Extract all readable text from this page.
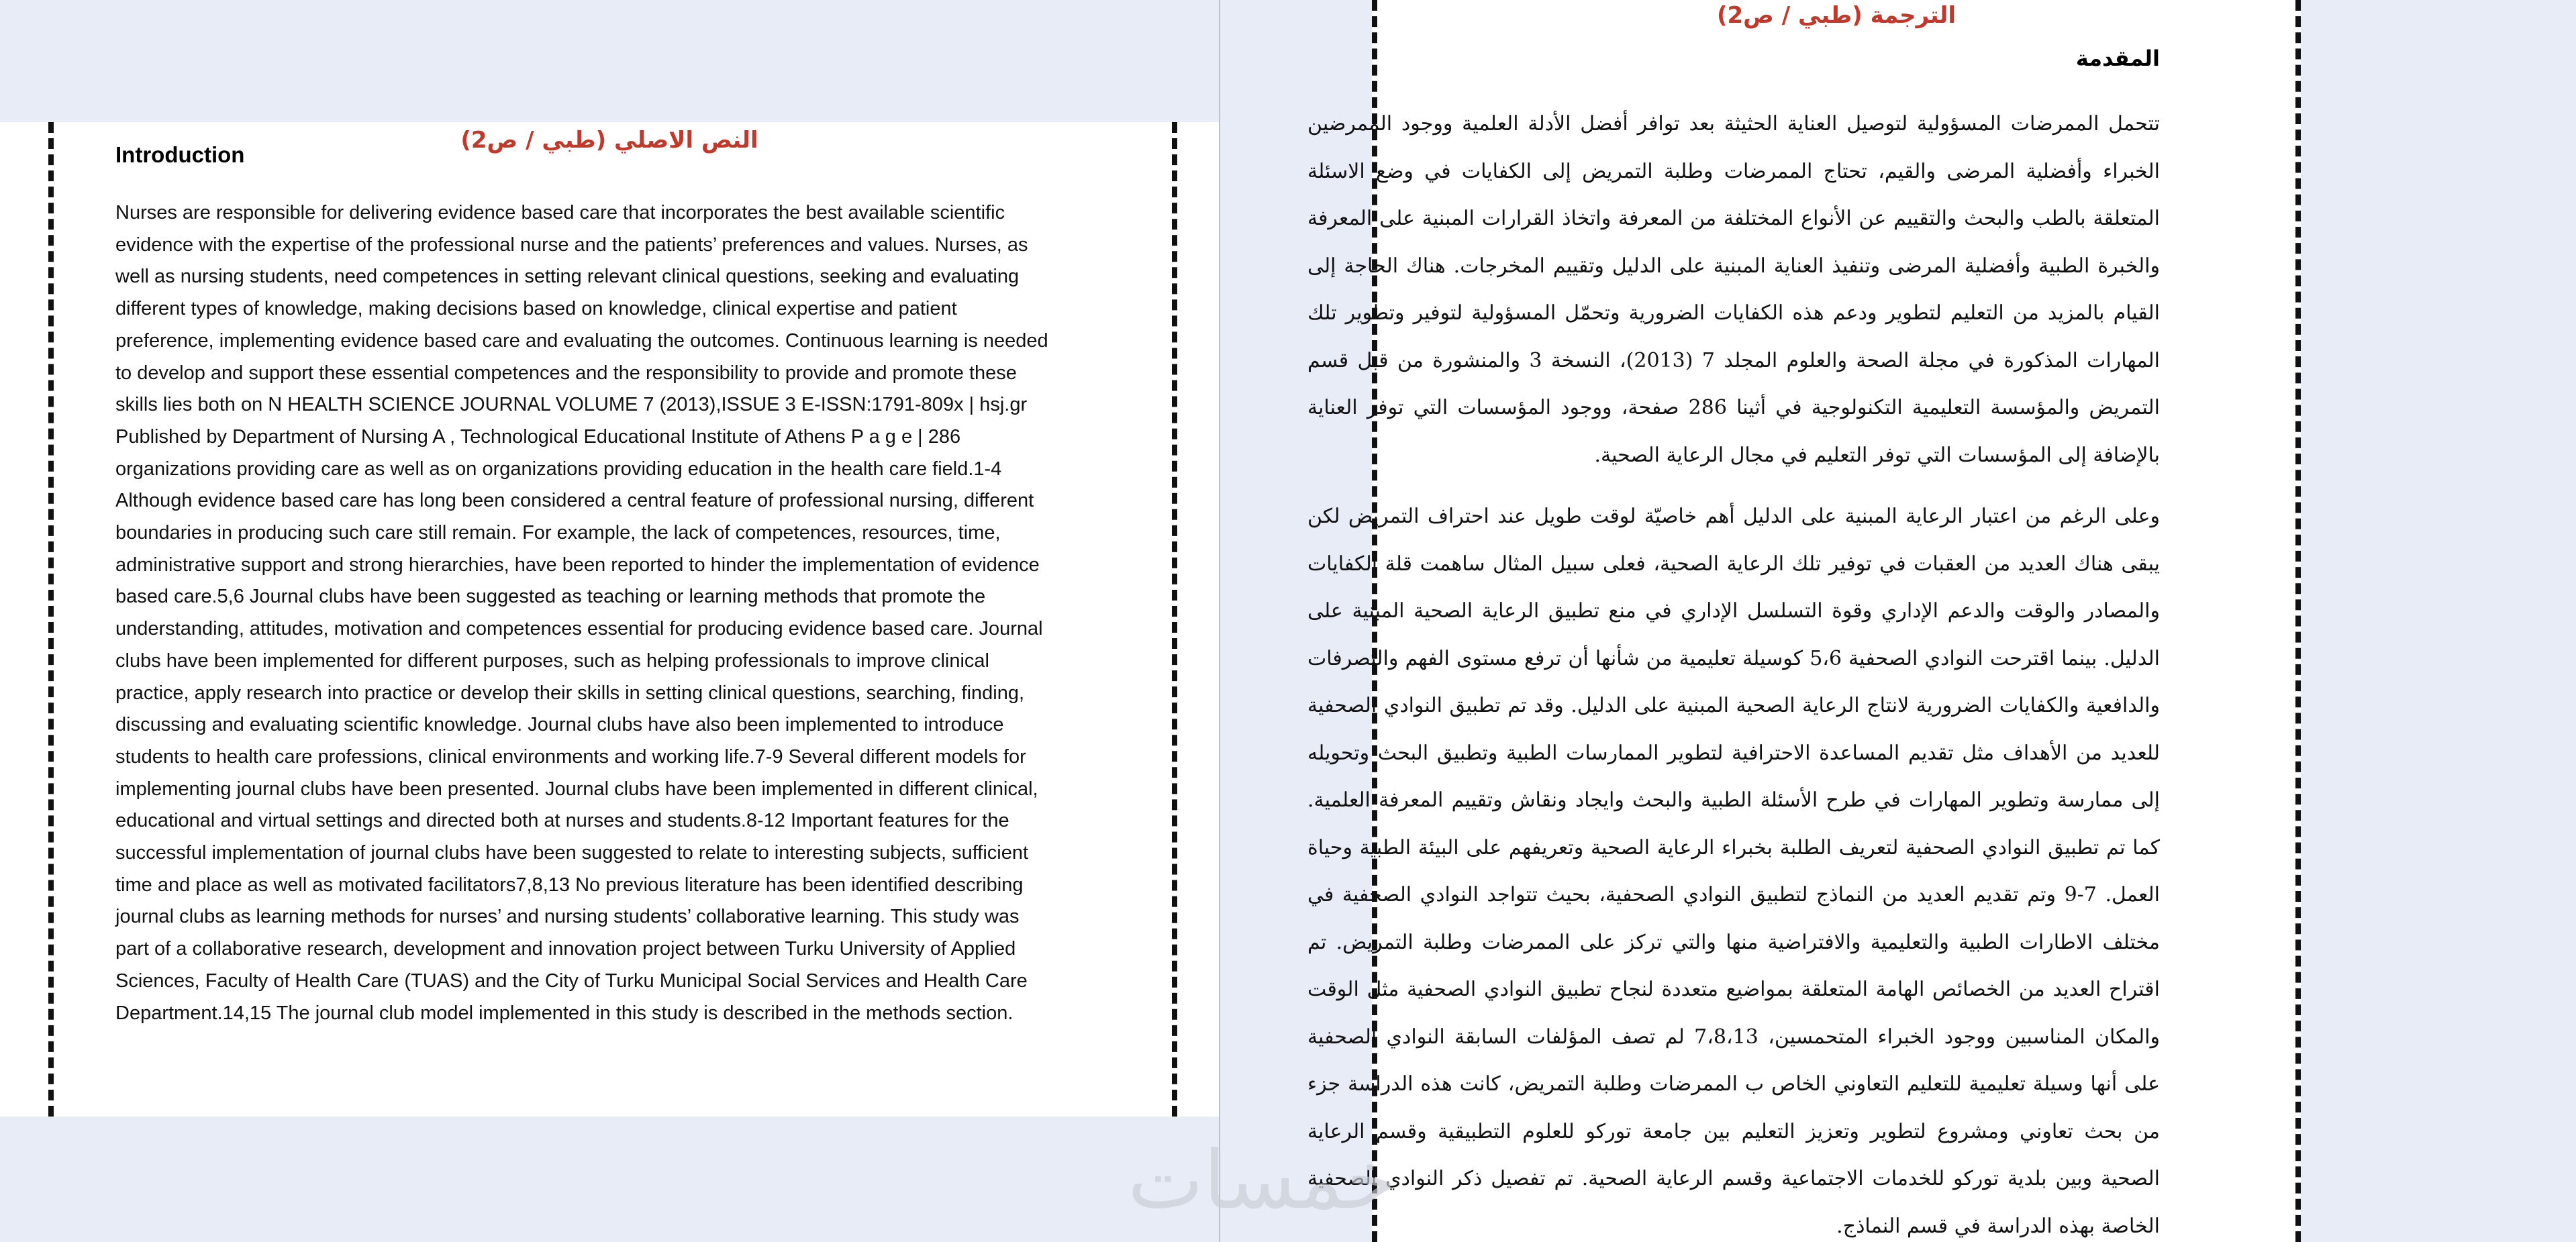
النص الاصلي (طبي / ص2)
Introduction

Nurses are responsible for delivering evidence based care that incorporates the best available scientific evidence with the expertise of the professional nurse and the patients’ preferences and values. Nurses, as well as nursing students, need competences in setting relevant clinical questions, seeking and evaluating different types of knowledge, making decisions based on knowledge, clinical expertise and patient preference, implementing evidence based care and evaluating the outcomes. Continuous learning is needed to develop and support these essential competences and the responsibility to provide and promote these skills lies both on N HEALTH SCIENCE JOURNAL VOLUME 7 (2013),ISSUE 3 E-ISSN:1791-809x | hsj.gr Published by Department of Nursing A , Technological Educational Institute of Athens P a g e | 286 organizations providing care as well as on organizations providing education in the health care field.1-4 Although evidence based care has long been considered a central feature of professional nursing, different boundaries in producing such care still remain. For example, the lack of competences, resources, time, administrative support and strong hierarchies, have been reported to hinder the implementation of evidence based care.5,6 Journal clubs have been suggested as teaching or learning methods that promote the understanding, attitudes, motivation and competences essential for producing evidence based care. Journal clubs have been implemented for different purposes, such as helping professionals to improve clinical practice, apply research into practice or develop their skills in setting clinical questions, searching, finding, discussing and evaluating scientific knowledge. Journal clubs have also been implemented to introduce students to health care professions, clinical environments and working life.7-9 Several different models for implementing journal clubs have been presented. Journal clubs have been implemented in different clinical, educational and virtual settings and directed both at nurses and students.8-12 Important features for the successful implementation of journal clubs have been suggested to relate to interesting subjects, sufficient time and place as well as motivated facilitators7,8,13 No previous literature has been identified describing journal clubs as learning methods for nurses’ and nursing students’ collaborative learning. This study was part of a collaborative research, development and innovation project between Turku University of Applied Sciences, Faculty of Health Care (TUAS) and the City of Turku Municipal Social Services and Health Care Department.14,15 The journal club model implemented in this study is described in the methods section.

الترجمة (طبي / ص2)
المقدمة

تتحمل الممرضات المسؤولية لتوصيل العناية الحثيثة بعد توافر أفضل الأدلة العلمية ووجود الممرضين الخبراء وأفضلية المرضى والقيم، تحتاج الممرضات وطلبة التمريض إلى الكفايات في وضع الاسئلة المتعلقة بالطب والبحث والتقييم عن الأنواع المختلفة من المعرفة واتخاذ القرارات المبنية على المعرفة والخبرة الطبية وأفضلية المرضى وتنفيذ العناية المبنية على الدليل وتقييم المخرجات. هناك الحاجة إلى القيام بالمزيد من التعليم لتطوير ودعم هذه الكفايات الضرورية وتحمّل المسؤولية لتوفير وتطوير تلك المهارات المذكورة في مجلة الصحة والعلوم المجلد 7 (2013)، النسخة 3 والمنشورة من قبل قسم التمريض والمؤسسة التعليمية التكنولوجية في أثينا 286 صفحة، ووجود المؤسسات التي توفر العناية بالإضافة إلى المؤسسات التي توفر التعليم في مجال الرعاية الصحية.

وعلى الرغم من اعتبار الرعاية المبنية على الدليل أهم خاصيّة لوقت طويل عند احتراف التمريض لكن يبقى هناك العديد من العقبات في توفير تلك الرعاية الصحية، فعلى سبيل المثال ساهمت قلة الكفايات والمصادر والوقت والدعم الإداري وقوة التسلسل الإداري في منع تطبيق الرعاية الصحية المبنية على الدليل. بينما اقترحت النوادي الصحفية 5،6 كوسيلة تعليمية من شأنها أن ترفع مستوى الفهم والتصرفات والدافعية والكفايات الضرورية لانتاج الرعاية الصحية المبنية على الدليل. وقد تم تطبيق النوادي الصحفية للعديد من الأهداف مثل تقديم المساعدة الاحترافية لتطوير الممارسات الطبية وتطبيق البحث وتحويله إلى ممارسة وتطوير المهارات في طرح الأسئلة الطبية والبحث وايجاد ونقاش وتقييم المعرفة العلمية. كما تم تطبيق النوادي الصحفية لتعريف الطلبة بخبراء الرعاية الصحية وتعريفهم على البيئة الطبية وحياة العمل. 7-9 وتم تقديم العديد من النماذج لتطبيق النوادي الصحفية، بحيث تتواجد النوادي الصحفية في مختلف الاطارات الطبية والتعليمية والافتراضية منها والتي تركز على الممرضات وطلبة التمريض. تم اقتراح العديد من الخصائص الهامة المتعلقة بمواضيع متعددة لنجاح تطبيق النوادي الصحفية مثل الوقت والمكان المناسبين ووجود الخبراء المتحمسين، 7،8،13 لم تصف المؤلفات السابقة النوادي الصحفية على أنها وسيلة تعليمية للتعليم التعاوني الخاص ب الممرضات وطلبة التمريض، كانت هذه الدراسة جزء من بحث تعاوني ومشروع لتطوير وتعزيز التعليم بين جامعة توركو للعلوم التطبيقية وقسم الرعاية الصحية وبين بلدية توركو للخدمات الاجتماعية وقسم الرعاية الصحية. تم تفصيل ذكر النوادي الصحفية الخاصة بهذه الدراسة في قسم النماذج.

خمسات
